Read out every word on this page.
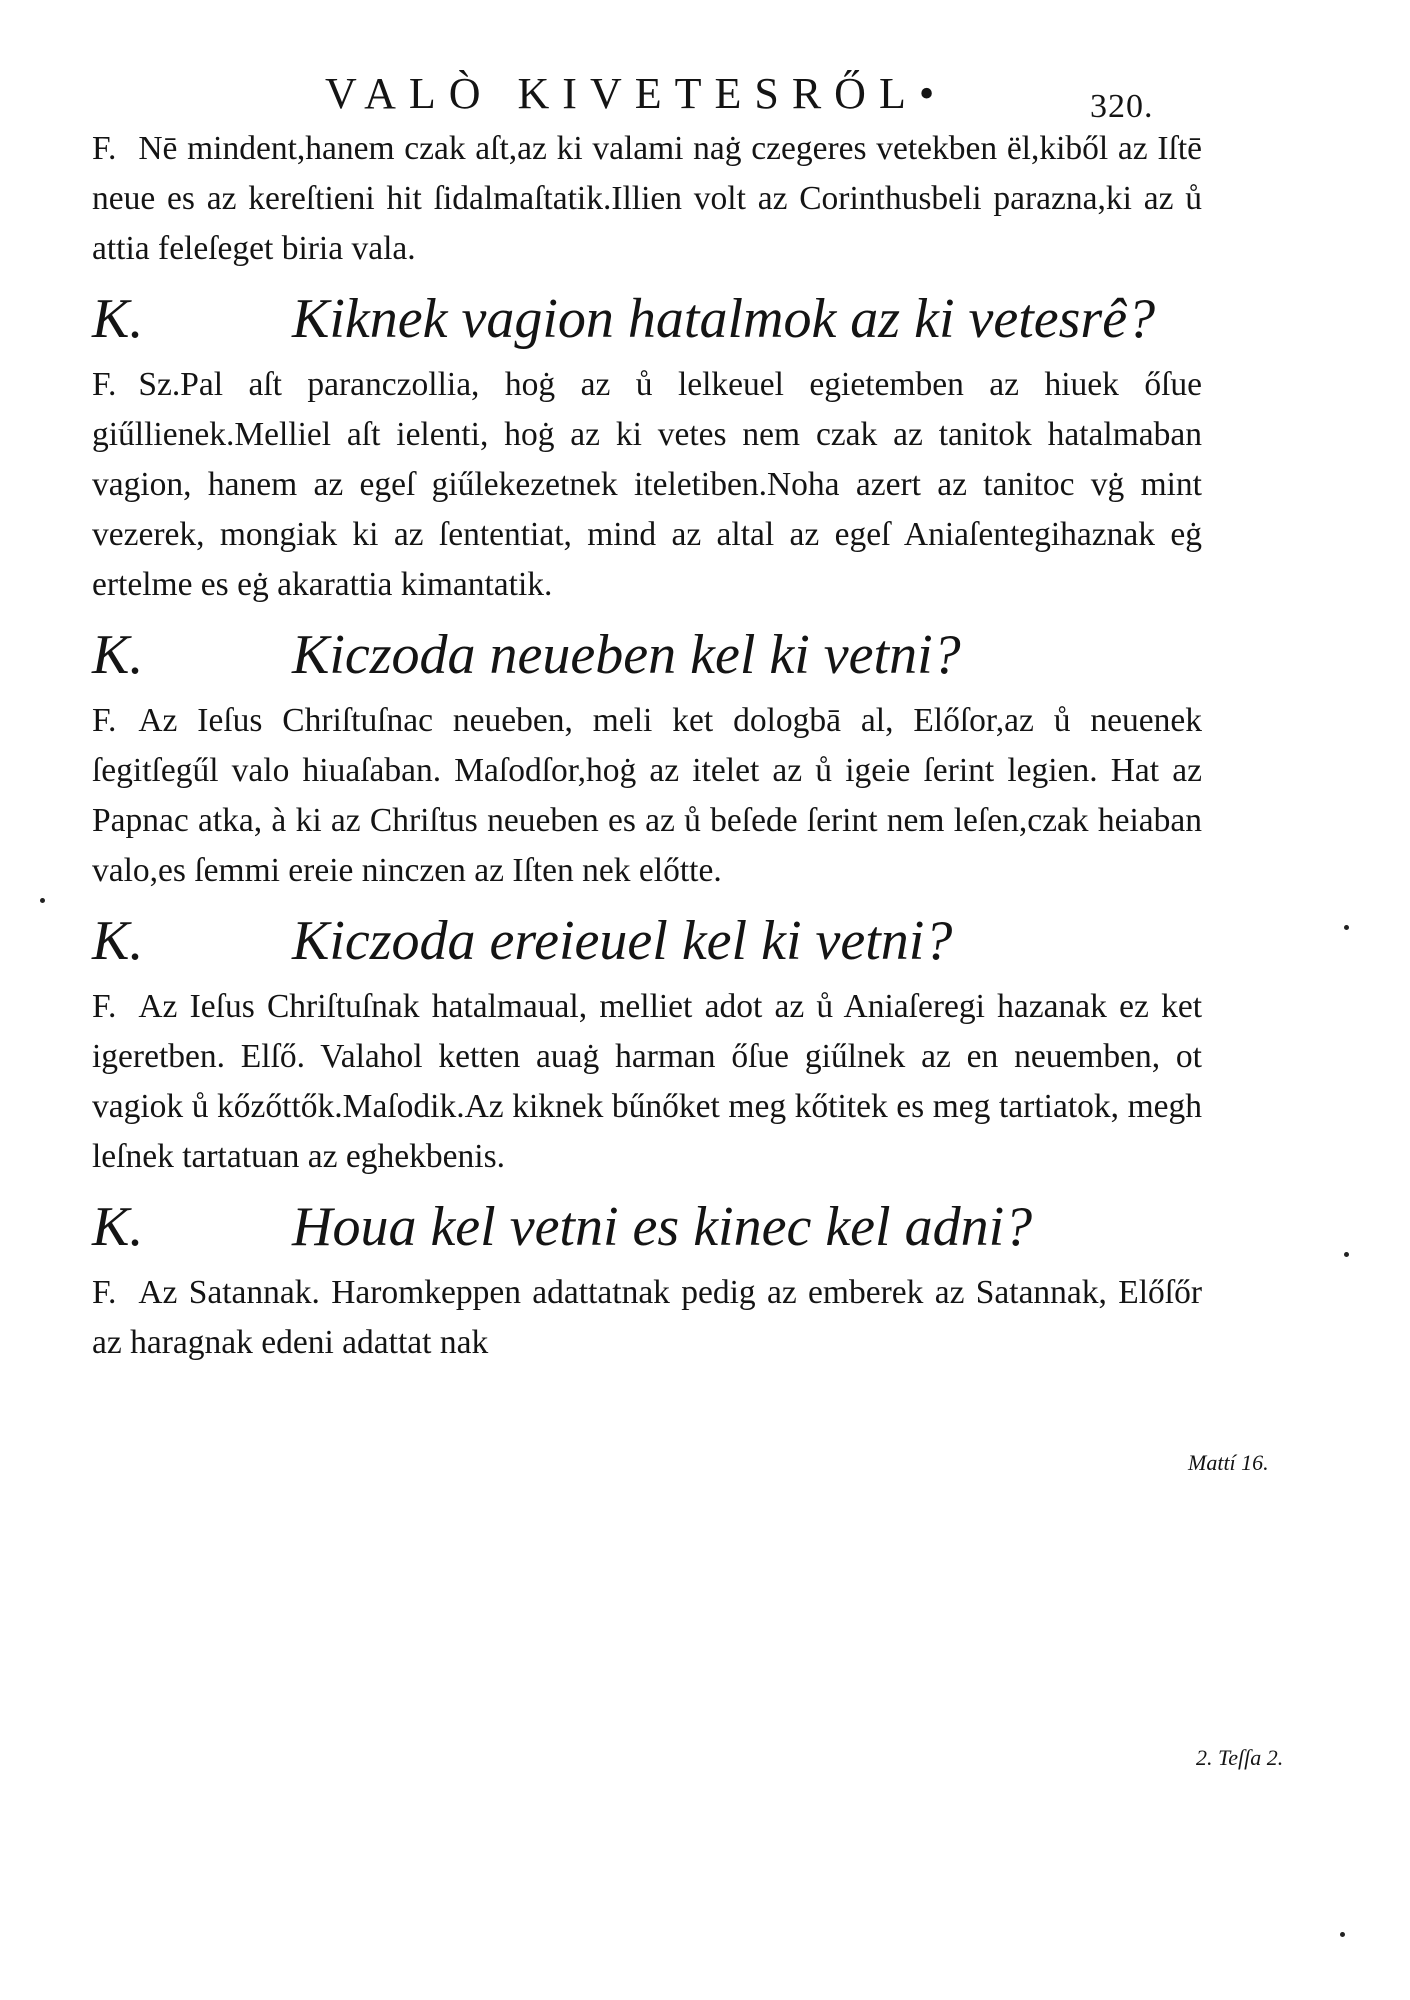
VALÒ KIVETESRŐL•	320.
F. Nē mindent,hanem czak aſt,az ki valami naġ czegeres vetekben ël,kiből az Iſtē neue es az kereſtieni hit ſidalmaſtatik.Illien volt az Corinthusbeli parazna,ki az ů attia feleſeget biria vala.
K.	Kiknek vagion hatalmok az ki vetesrê?
F. Sz.Pal aſt paranczollia, hoġ az ů lelkeuel egietemben az hiuek őſue giűllienek.Melliel aſt ielenti, hoġ az ki vetes nem czak az tanitok hatalmaban vagion, hanem az egeſ giűlekezetnek iteletiben.Noha azert az tanitoc vġ mint vezerek, mongiak ki az ſententiat, mind az altal az egeſ Aniaſentegihaznak eġ ertelme es eġ akarattia kimantatik.
K.	Kiczoda neueben kel ki vetni?
F. Az Ieſus Chriſtuſnac neueben, meli ket dologbā al, Előſor,az ů neuenek ſegitſegűl valo hiuaſaban. Maſodſor,hoġ az itelet az ů igeie ſerint legien. Hat az Papnac atka, à ki az Chriſtus neueben es az ů beſede ſerint nem leſen,czak heiaban valo,es ſemmi ereie ninczen az Iſten nek előtte.
K.	Kiczoda ereieuel kel ki vetni?
F. Az Ieſus Chriſtuſnak hatalmaual, melliet adot az ů Aniaſeregi hazanak ez ket igeretben. Elſő. Valahol ketten auaġ harman őſue giűlnek az en neuemben, ot vagiok ů kőzőttők.Maſodik.Az kiknek bűnőket meg kőtitek es meg tartiatok, megh leſnek tartatuan az eghekbenis.
K.	Houa kel vetni es kinec kel adni?
F. Az Satannak. Haromkeppen adattatnak pedig az emberek az Satannak, Előſőr az haragnak edeni adattat nak
Mattí 16.
2. Teſſa 2.
